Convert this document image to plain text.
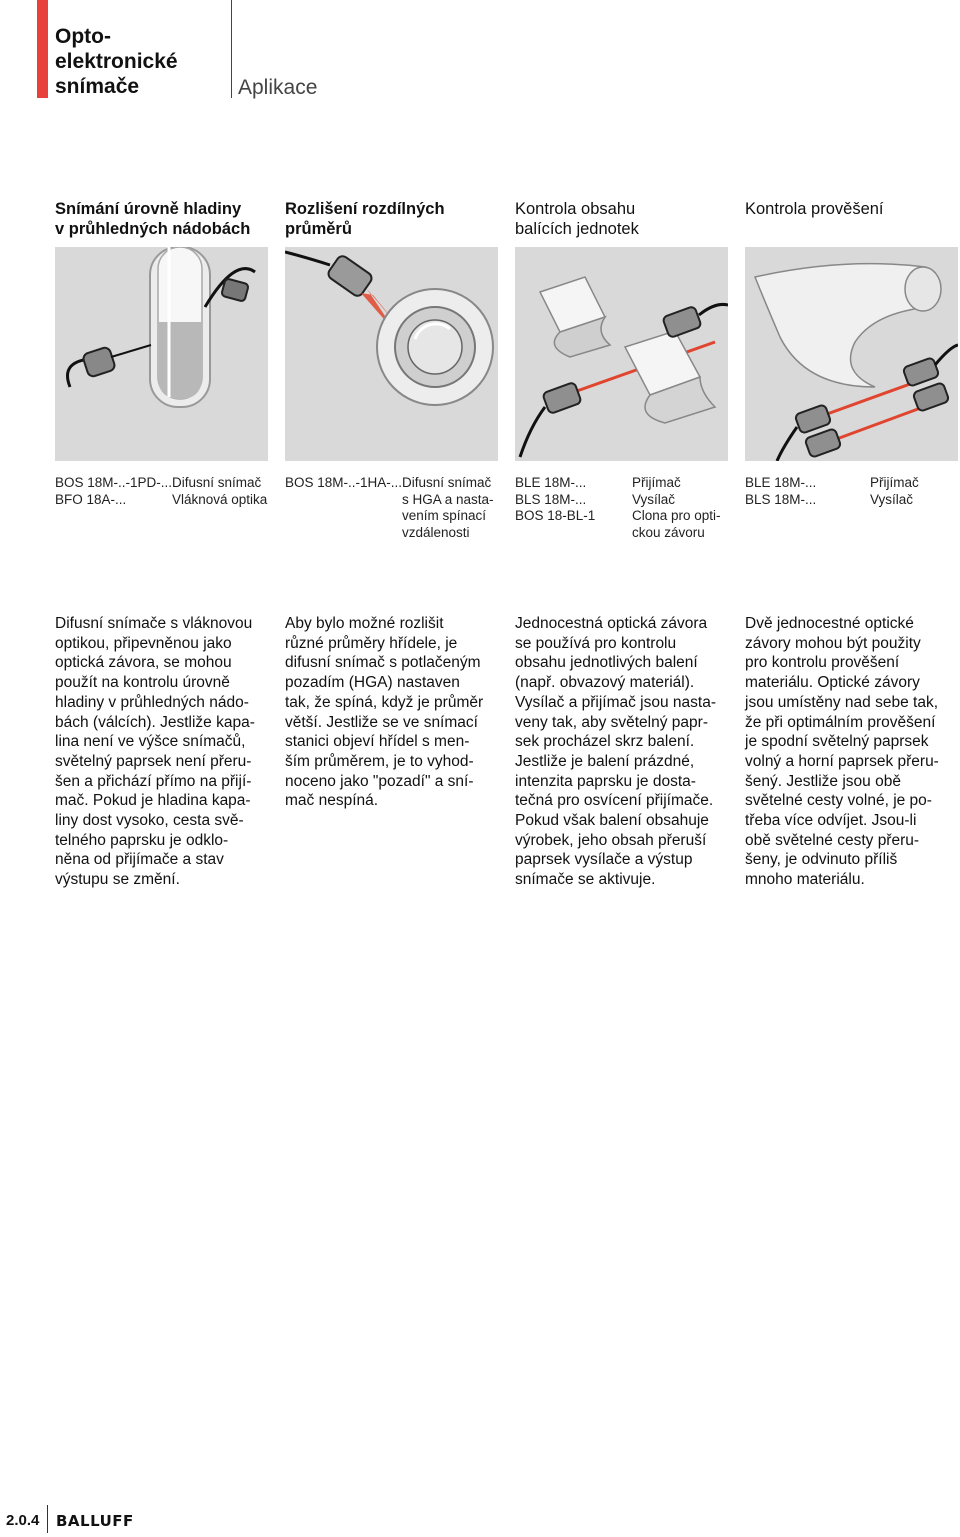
Opto-
elektronické
snímače	Aplikace
Snímání úrovně hladiny
v průhledných nádobách
Rozlišení rozdílných
průměrů
Kontrola obsahu
balících jednotek
Kontrola prověšení
BOS 18M-..-1PD-...
BFO 18A-...
Difusní snímač
Vláknová optika
BOS 18M-..-1HA-... Difusní snímač
s HGA a nasta-
vením spínací
vzdálenosti
BLE 18M-...
BLS 18M-...
BOS 18-BL-1
Přijímač
Vysílač
Clona pro opti-
ckou závoru
BLE 18M-...
BLS 18M-...
Přijímač
Vysílač
Difusní snímače s vláknovou
optikou, připevněnou jako
optická závora, se mohou
použít na kontrolu úrovně
hladiny v průhledných nádo-
bách (válcích). Jestliže kapa-
lina není ve výšce snímačů,
světelný paprsek není přeru-
šen a přichází přímo na přijí-
mač. Pokud je hladina kapa-
liny dost vysoko, cesta svě-
telného paprsku je odklo-
něna od přijímače a stav
výstupu se změní.
Aby bylo možné rozlišit
různé průměry hřídele, je
difusní snímač s potlačeným
pozadím (HGA) nastaven
tak, že spíná, když je průměr
větší. Jestliže se ve snímací
stanici objeví hřídel s men-
ším průměrem, je to vyhod-
noceno jako "pozadí" a sní-
mač nespíná.
Jednocestná optická závora
se používá pro kontrolu
obsahu jednotlivých balení
(např. obvazový materiál).
Vysílač a přijímač jsou nasta-
veny tak, aby světelný papr-
sek procházel skrz balení.
Jestliže je balení prázdné,
intenzita paprsku je dosta-
tečná pro osvícení přijímače.
Pokud však balení obsahuje
výrobek, jeho obsah přeruší
paprsek vysílače a výstup
snímače se aktivuje.
Dvě jednocestné optické
závory mohou být použity
pro kontrolu prověšení
materiálu. Optické závory
jsou umístěny nad sebe tak,
že při optimálním prověšení
je spodní světelný paprsek
volný a horní paprsek přeru-
šený. Jestliže jsou obě
světelné cesty volné, je po-
třeba více odvíjet. Jsou-li
obě světelné cesty přeru-
šeny, je odvinuto příliš
mnoho materiálu.
2.0.4 BALLUFF
